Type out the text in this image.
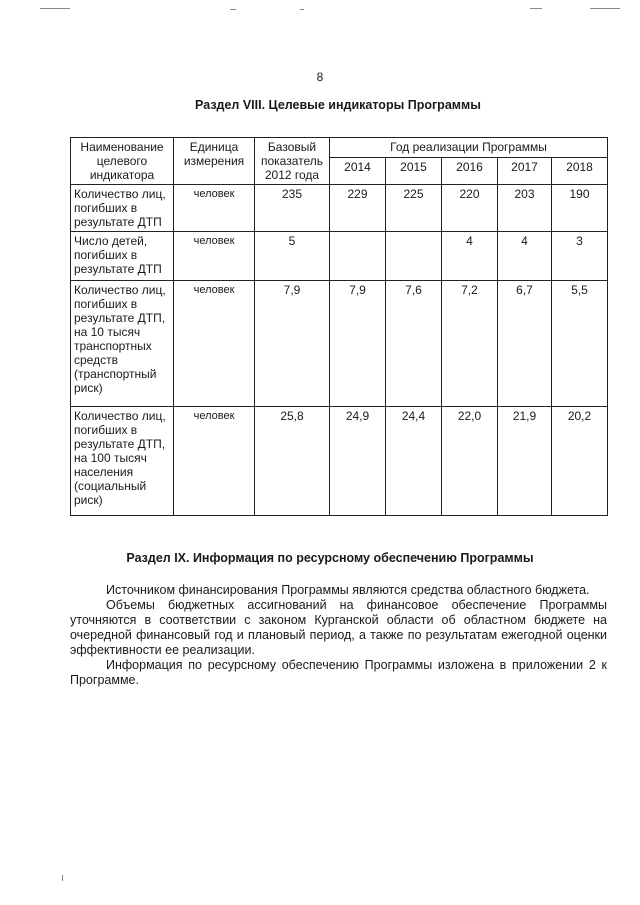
8
Раздел VIII. Целевые индикаторы Программы
Наименование целевого индикатора	Единица измерения	Базовый показатель 2012 года	Год реализации Программы				
			2014	2015	2016	2017	2018
Количество лиц, погибших в результате ДТП	человек	235	229	225	220	203	190
Число детей, погибших в результате ДТП	человек	5			4	4	3
Количество лиц, погибших в результате ДТП, на 10 тысяч транспортных средств (транспортный риск)	человек	7,9	7,9	7,6	7,2	6,7	5,5
Количество лиц, погибших в результате ДТП, на 100 тысяч населения (социальный риск)	человек	25,8	24,9	24,4	22,0	21,9	20,2
Раздел IX. Информация по ресурсному обеспечению Программы

Источником финансирования Программы являются средства областного бюджета.

Объемы бюджетных ассигнований на финансовое обеспечение Программы уточняются в соответствии с законом Курганской области об областном бюджете на очередной финансовый год и плановый период, а также по результатам ежегодной оценки эффективности ее реализации.

Информация по ресурсному обеспечению Программы изложена в приложении 2 к Программе.
